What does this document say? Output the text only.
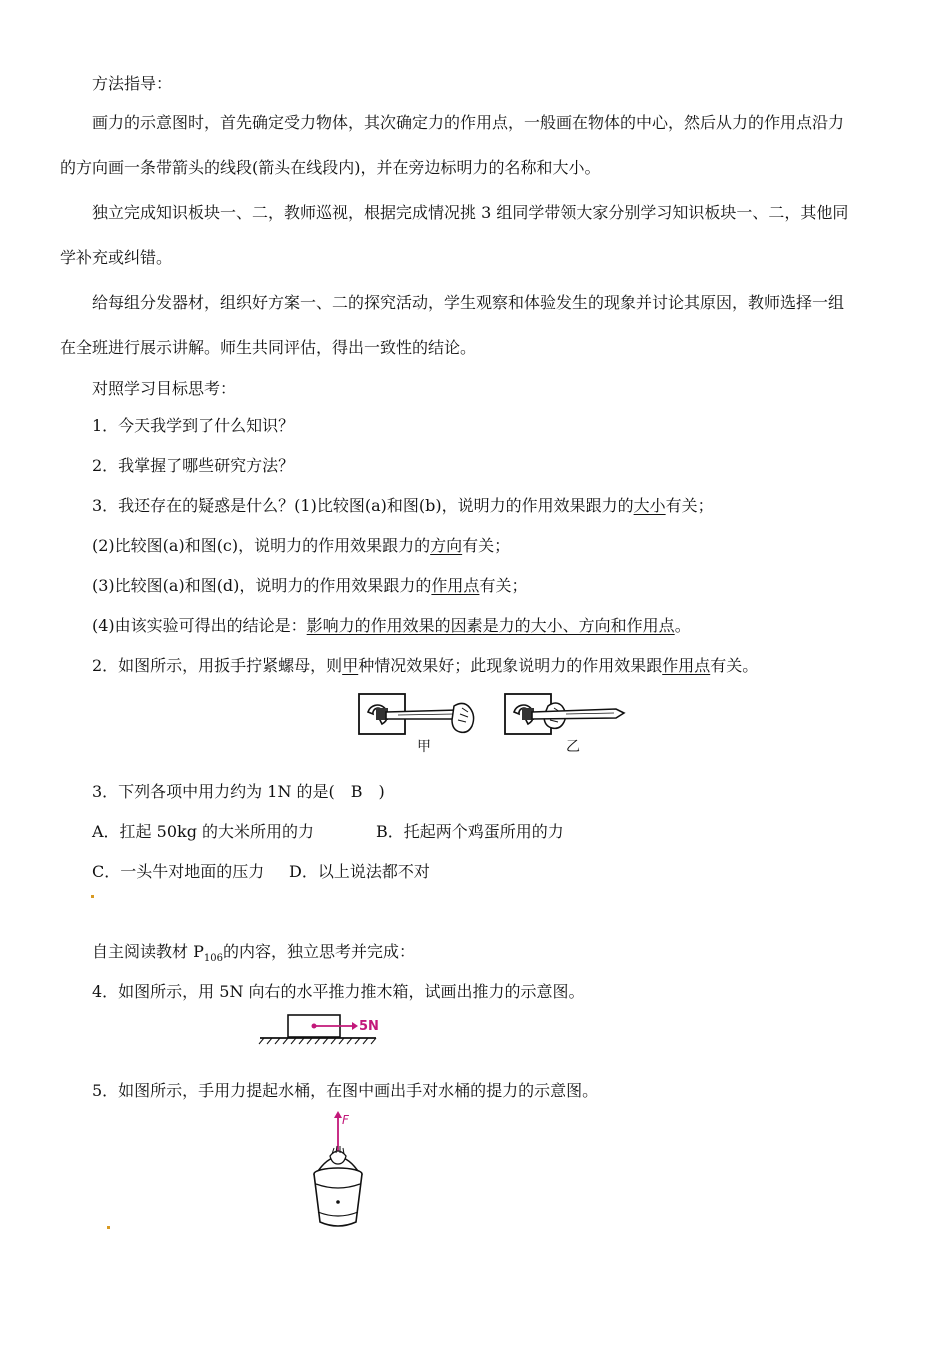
方法指导：
画力的示意图时，首先确定受力物体，其次确定力的作用点，一般画在物体的中心，然后从力的作用点沿力
的方向画一条带箭头的线段(箭头在线段内)，并在旁边标明力的名称和大小。
独立完成知识板块一、二，教师巡视，根据完成情况挑 3 组同学带领大家分别学习知识板块一、二，其他同
学补充或纠错。
给每组分发器材，组织好方案一、二的探究活动，学生观察和体验发生的现象并讨论其原因，教师选择一组
在全班进行展示讲解。师生共同评估，得出一致性的结论。
对照学习目标思考：
1．今天我学到了什么知识？
2．我掌握了哪些研究方法？
3．我还存在的疑惑是什么？(1)比较图(a)和图(b)，说明力的作用效果跟力的大小有关；
(2)比较图(a)和图(c)，说明力的作用效果跟力的方向有关；
(3)比较图(a)和图(d)，说明力的作用效果跟力的作用点有关；
(4)由该实验可得出的结论是：影响力的作用效果的因素是力的大小、方向和作用点。
2．如图所示，用扳手拧紧螺母，则甲种情况效果好；此现象说明力的作用效果跟作用点有关。
甲	乙
3．下列各项中用力约为 1N 的是(　B　)
A．扛起 50kg 的大米所用的力	B．托起两个鸡蛋所用的力
C．一头牛对地面的压力 D．以上说法都不对
自主阅读教材 $P_{106}$的内容，独立思考并完成：
4．如图所示，用 5N 向右的水平推力推木箱，试画出推力的示意图。
5N
5．如图所示，手用力提起水桶，在图中画出手对水桶的提力的示意图。
F
